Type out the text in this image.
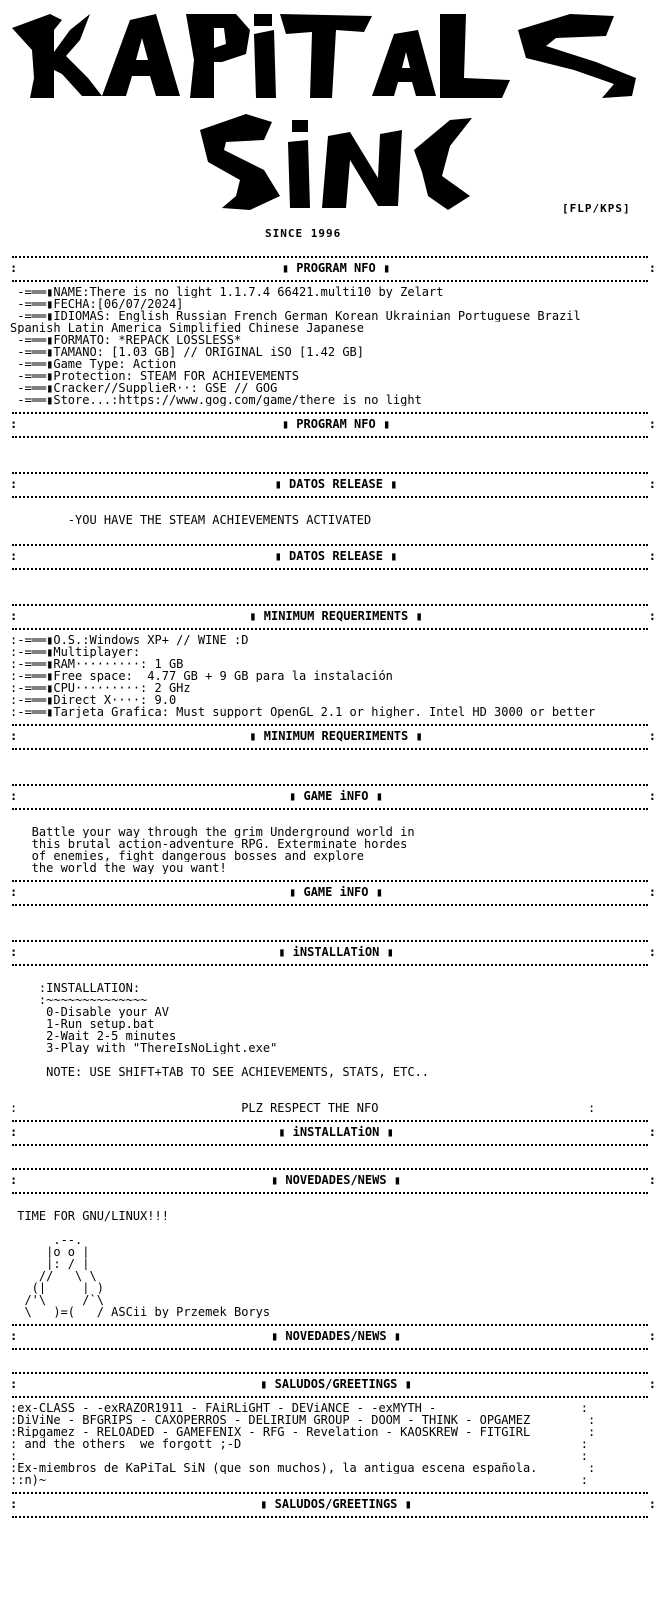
[FLP/KPS]
SINCE 1996
:	:
▮ PROGRAM NFO ▮
-=══▮NAME:There_is_no_light_1.1.7.4_66421.multi10 by Zelart
-=══▮FECHA:[06/07/2024]
-=══▮IDIOMAS: English Russian French German Korean Ukrainian Portuguese_Brazil
Spanish_Latin America Simplified_Chinese Japanese
-=══▮FORMATO: *REPACK LOSSLESS*
-=══▮TAMAÑO: [1.03 GB] // ORIGINAL iSO [1.42 GB]
-=══▮Game Type: Action
-=══▮Protection: STEAM FOR ACHIEVEMENTS
-=══▮Cracker//SupplieR··: GSE // GOG
-=══▮Store...:https://www.gog.com/game/there_is_no_light
:	:
▮ PROGRAM NFO ▮
:	:
▮ DATOS RELEASE ▮
-YOU HAVE THE STEAM ACHIEVEMENTS ACTIVATED
:	:
▮ DATOS RELEASE ▮
:	:
▮ MINIMUM REQUERIMENTS ▮
:-=══▮O.S.:Windows XP+ // WINE :D
:-=══▮Multiplayer:
:-=══▮RAM·········: 1 GB
:-=══▮Free space:  4.77 GB + 9 GB para la instalación
:-=══▮CPU·········: 2 GHz
:-=══▮Direct X····: 9.0
:-=══▮Tarjeta Grafica: Must support OpenGL 2.1 or higher. Intel HD 3000 or better
:	:
▮ MINIMUM REQUERIMENTS ▮
:	:
▮ GAME iNFO ▮
Battle your way through the grim Underground world in
this brutal action-adventure RPG. Exterminate hordes
of enemies, fight dangerous bosses and explore
the world the way you want!
:	:
▮ GAME iNFO ▮
:	:
▮ iNSTALLATiON ▮
:INSTALLATION:
:~~~~~~~~~~~~~~
0-Disable your AV
1-Run setup.bat
2-Wait 2-5 minutes
3-Play with "ThereIsNoLight.exe"
NOTE: USE SHIFT+TAB TO SEE ACHIEVEMENTS, STATS, ETC..
:                               PLZ RESPECT THE NFO                             :
:	:
▮ iNSTALLATiON ▮
:	:
▮ NOVEDADES/NEWS ▮
TIME FOR GNU/LINUX!!!
.--.
|o_o |
|:_/ |
//   \ \
(|     | )
/'\_   _/`\
\___)=(___/ ASCii by Przemek Borys
:	:
▮ NOVEDADES/NEWS ▮
:	:
▮ SALUDOS/GREETINGS ▮
:ex-CLASS - -exRAZOR1911 - FAiRLiGHT - DEViANCE - -exMYTH -                    :
:DiViNe - BFGRIPS - CAXOPERROS - DELIRIUM GROUP - DOOM - THINK - OPGAMEZ        :
:Ripgamez - RELOADED - GAMEFENIX - RFG - Revelation - KAOSKREW - FITGIRL        :
: and the others  we forgott ;-D                                               :
:                                                                              :
:Ex-miembros de KaPiTaL SiN (que son muchos), la antigua escena española.       :
::n)~                                                                          :
:	:
▮ SALUDOS/GREETINGS ▮
